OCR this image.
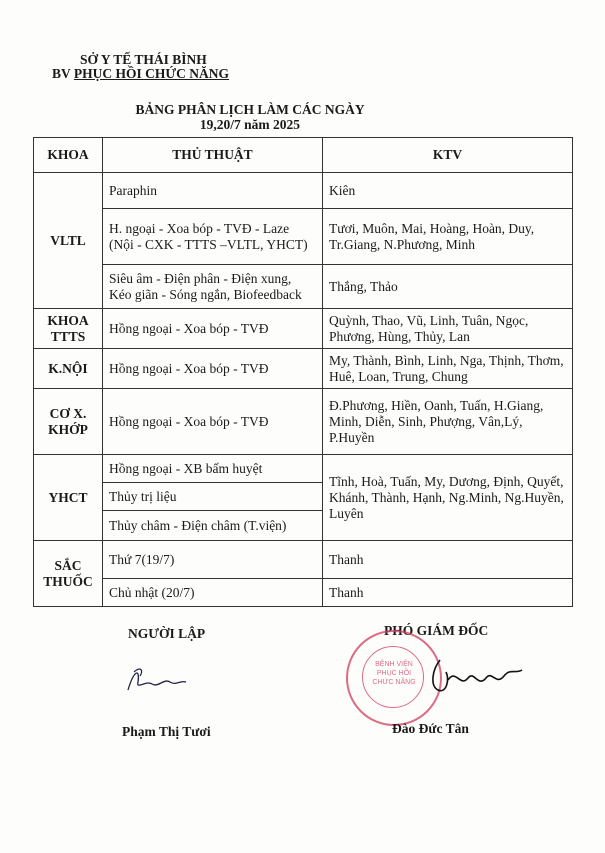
SỞ Y TẾ THÁI BÌNH
BV PHỤC HỒI CHỨC NĂNG
BẢNG PHÂN LỊCH LÀM CÁC NGÀY
19,20/7 năm 2025
KHOA	THỦ THUẬT	KTV
VLTL	Paraphin	Kiên
	H. ngoại - Xoa bóp - TVĐ - Laze (Nội - CXK - TTTS –VLTL, YHCT)	Tươi, Muôn, Mai, Hoàng, Hoàn, Duy, Tr.Giang, N.Phương, Minh
	Siêu âm - Điện phân - Điện xung, Kéo giãn - Sóng ngắn, Biofeedback	Thắng, Thảo
KHOA TTTS	Hồng ngoại - Xoa bóp - TVĐ	Quỳnh, Thao, Vũ, Linh, Tuân, Ngọc, Phương, Hùng, Thủy, Lan
K.NỘI	Hồng ngoại - Xoa bóp - TVĐ	My, Thành, Bình, Linh, Nga, Thịnh, Thơm, Huê, Loan, Trung, Chung
CƠ X. KHỚP	Hồng ngoại - Xoa bóp - TVĐ	Đ.Phương, Hiền, Oanh, Tuấn, H.Giang, Minh, Diễn, Sinh, Phượng, Vân,Lý, P.Huyền
YHCT	Hồng ngoại - XB bấm huyệt	Tĩnh, Hoà, Tuấn, My, Dương, Định, Quyết, Khánh, Thành, Hạnh, Ng.Minh, Ng.Huyền, Luyên
	Thủy trị liệu	
	Thủy châm - Điện châm (T.viện)	
SẮC THUỐC	Thứ 7(19/7)	Thanh
	Chủ nhật (20/7)	Thanh
NGƯỜI LẬP
Phạm Thị Tươi
PHÓ GIÁM ĐỐC
BỆNH VIỆN PHỤC HỒI CHỨC NĂNG
Đào Đức Tân
